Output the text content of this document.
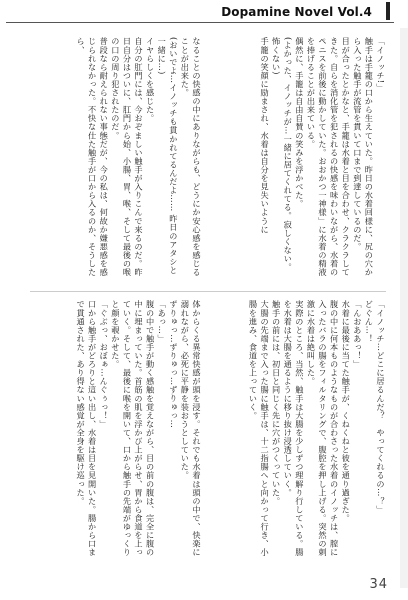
Dopamine Novel Vol.4

「イノッチ!」
触手は手籠の口から生えていた。昨日の水着回様に、尻の穴から入った触手が流管を貫いて口まで到達しているのだ。
目が合ったとかなと、手籠は水着と目を合わせ、クラクラしてきた。自らを消化管を犯されるの快感を味わいながら、水着のペニスを前後に動かしていた。おおかつ一神様」に水着の精液を捧げることが出来ている。
偶然に、手籠は自由自賛の笑みを浮かべた。
(よかった、イノッチが…一緒に居てくれてる。寂しくない。怖くない)
手籠の笑顔に励まされ、水着は自分を見失いように

なることの快感の中にありながらも、どうにか安心感を感じることが出来た。
(おいでよ…イノッチも貫かれてるんだよ…… 昨日のアタシと一緒に…)
イヤらしくを感じた。
自分の肛門には、今おぞましい触手が入りこんで来るのだ。昨日自分はついに、肛門から始、小腸、胃、喉、そして最後の喉の口の周り犯されたのだ。
普段なら耐えられない事態だが、今の私は、何故か嫌悪感を感じられなかった。不快な仕た触手が口から入るのか、そうしたら、

「イノッチ…どこに居るんだ？　やってくれるの…？」
どぐん…！
「んおああっ！」
水着に最後に当てた触手が、くねくねと彼を通り過ぎた。
腹の中に何本ものようなものが合わさった水着のイノッチは、膣に入ったバラの腸をフィルタリングで、腹腔を押し上げる。突然の刺激に水着は絶叫した。
実際のところ、当然、触手は大腸を少しずつ理解り行している。腸を水着は大腸を通るように移り抜け浸透していく。
触手の前には、初日と同じく先に穴がつくっていた。
大腸の先端まで入った腸に触手は、十二指腸へと向かって行き、小腸を進み、食道を上っていく。

体からくる異常快感が頭を浸す。それでも水着は頭の中で、快楽に溺れながら、必死に平静を装おうとしていた。
ずりゅっ…ずりゅっ…ずりゅっ…
「あっ…」
腹の中で触手が動く感触を覚えながら、目の前の腹は、完全に腹の中に埋まっていた。首筋の肌を浮かび上がらせ、胃から食道を上っていく。そして、最後に喉を開いて、口から触手の先端がゆっくりと顔を覗かせた。
「ぐぶっ、おぼぁ…んぐぅっ！」
口から触手がどろりと這い出し、水着は目を見開いた。腸から口まで貫通された、あり得ない感覚が全身を駆け巡った。

34
